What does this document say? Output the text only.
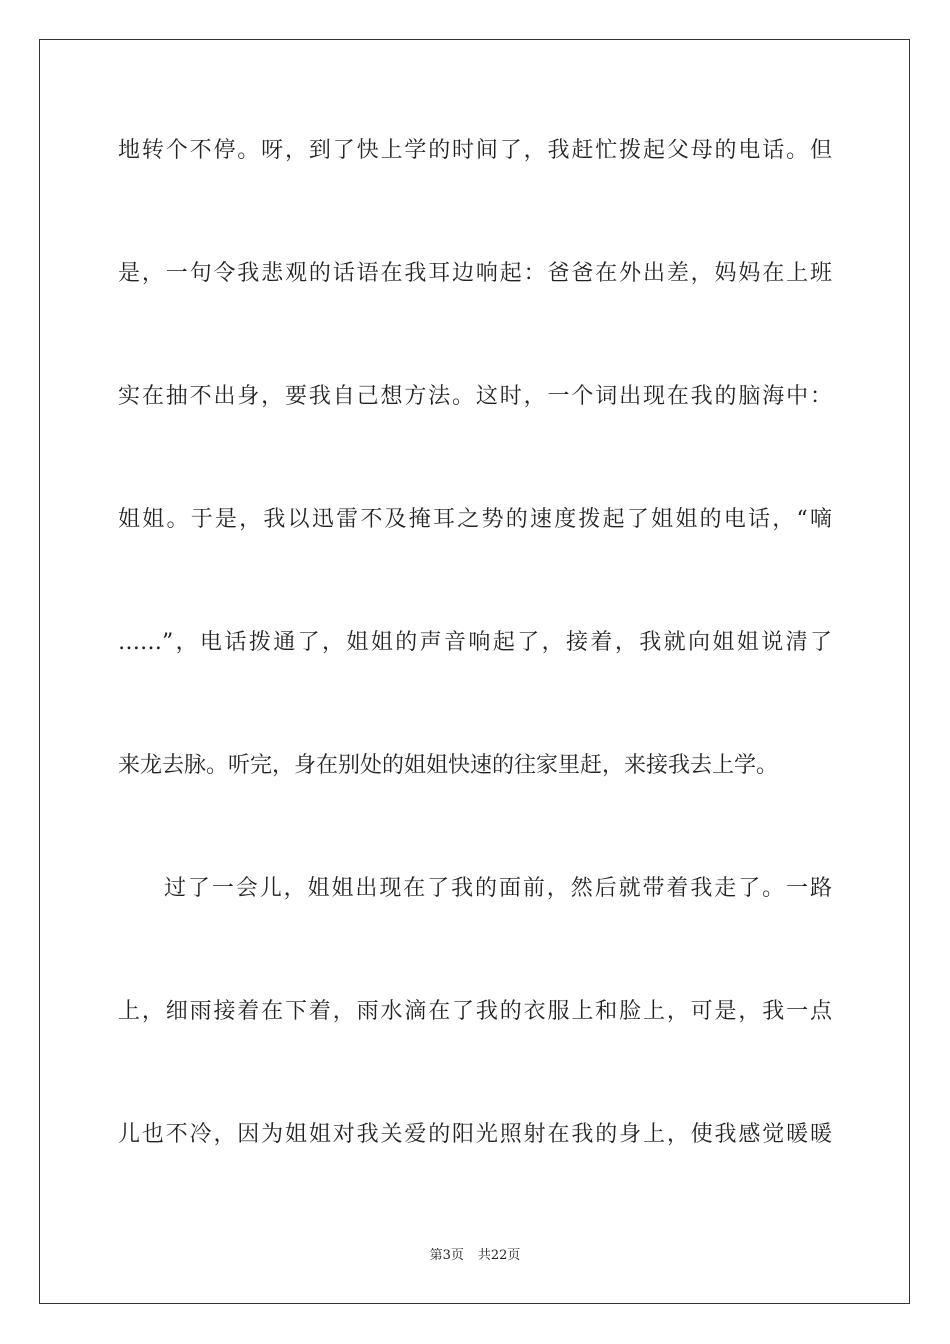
地转个不停。呀，到了快上学的时间了，我赶忙拨起父母的电话。但
是，一句令我悲观的话语在我耳边响起：爸爸在外出差，妈妈在上班
实在抽不出身，要我自己想方法。这时，一个词出现在我的脑海中：
姐姐。于是，我以迅雷不及掩耳之势的速度拨起了姐姐的电话，“嘀
……”，电话拨通了，姐姐的声音响起了，接着，我就向姐姐说清了
来龙去脉。听完，身在别处的姐姐快速的往家里赶，来接我去上学。
过了一会儿，姐姐出现在了我的面前，然后就带着我走了。一路
上，细雨接着在下着，雨水滴在了我的衣服上和脸上，可是，我一点
儿也不冷，因为姐姐对我关爱的阳光照射在我的身上，使我感觉暖暖
第3页 共22页
